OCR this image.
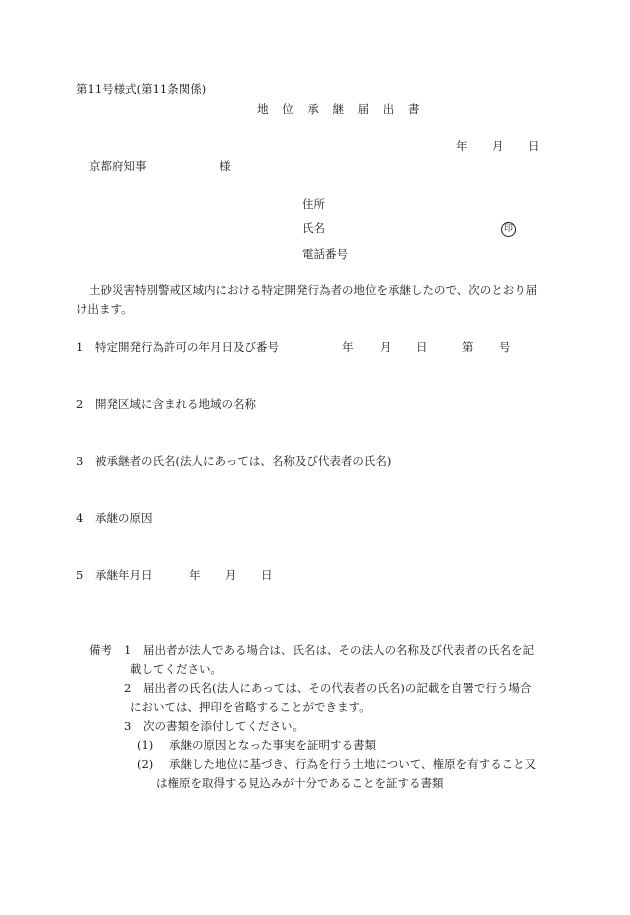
第11号様式(第11条関係)
地 位 承 継 届 出 書
年 月 日
京都府知事	様
住所
氏名	印
電話番号
土砂災害特別警戒区域内における特定開発行為者の地位を承継したので、次のとおり届
け出ます。
1 特定開発行為許可の年月日及び番号	年 月 日	第 号
2 開発区域に含まれる地域の名称
3 被承継者の氏名(法人にあっては、名称及び代表者の氏名)
4 承継の原因
5 承継年月日	年 月 日
備考 1 届出者が法人である場合は、氏名は、その法人の名称及び代表者の氏名を記
載してください。
2 届出者の氏名(法人にあっては、その代表者の氏名)の記載を自署で行う場合
においては、押印を省略することができます。
3 次の書類を添付してください。
(1) 承継の原因となった事実を証明する書類
(2) 承継した地位に基づき、行為を行う土地について、権原を有すること又
は権原を取得する見込みが十分であることを証する書類
